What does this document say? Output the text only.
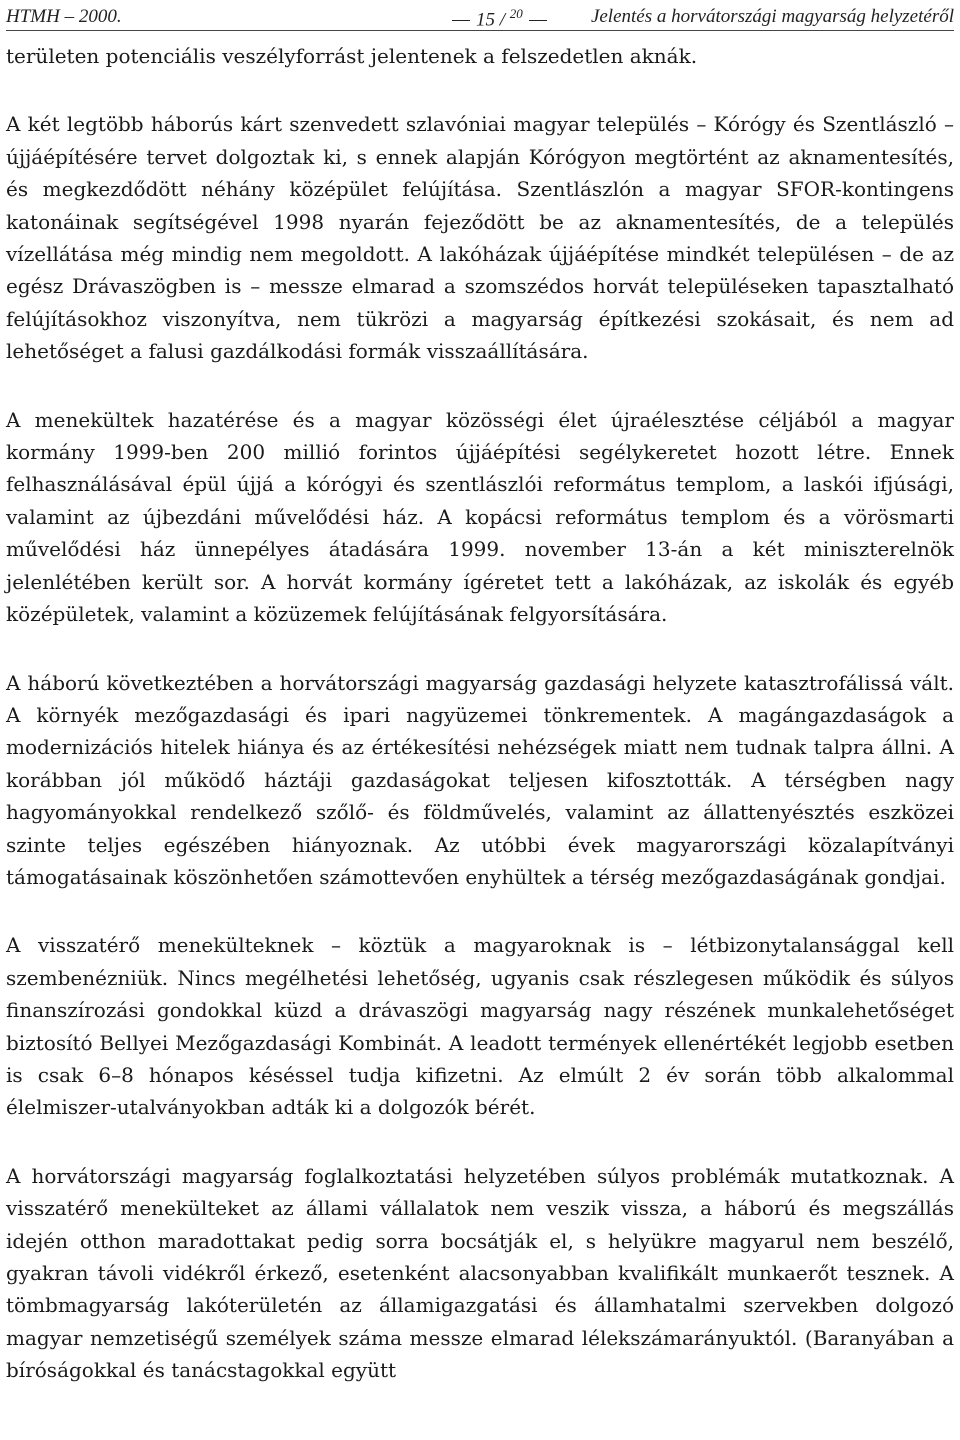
HTMH – 2000.	15 / $^{20}$	Jelentés a horvátországi magyarság helyzetéről

területen potenciális veszélyforrást jelentenek a felszedetlen aknák.

A két legtöbb háborús kárt szenvedett szlavóniai magyar település – Kórógy és Szentlászló – újjáépítésére tervet dolgoztak ki, s ennek alapján Kórógyon megtörtént az aknamentesítés, és megkezdődött néhány középület felújítása. Szentlászlón a magyar SFOR-kontingens katonáinak segítségével 1998 nyarán fejeződött be az aknamentesítés, de a település vízellátása még mindig nem megoldott. A lakóházak újjáépítése mindkét településen – de az egész Drávaszögben is – messze elmarad a szomszédos horvát településeken tapasztalható felújításokhoz viszonyítva, nem tükrözi a magyarság építkezési szokásait, és nem ad lehetőséget a falusi gazdálkodási formák visszaállítására.

A menekültek hazatérése és a magyar közösségi élet újraélesztése céljából a magyar kormány 1999-ben 200 millió forintos újjáépítési segélykeretet hozott létre. Ennek felhasználásával épül újjá a kórógyi és szentlászlói református templom, a laskói ifjúsági, valamint az újbezdáni művelődési ház. A kopácsi református templom és a vörösmarti művelődési ház ünnepélyes átadására 1999. november 13-án a két miniszterelnök jelenlétében került sor. A horvát kormány ígéretet tett a lakóházak, az iskolák és egyéb középületek, valamint a közüzemek felújításának felgyorsítására.

A háború következtében a horvátországi magyarság gazdasági helyzete katasztrofálissá vált. A környék mezőgazdasági és ipari nagyüzemei tönkrementek. A magángazdaságok a modernizációs hitelek hiánya és az értékesítési nehézségek miatt nem tudnak talpra állni. A korábban jól működő háztáji gazdaságokat teljesen kifosztották. A térségben nagy hagyományokkal rendelkező szőlő- és földművelés, valamint az állattenyésztés eszközei szinte teljes egészében hiányoznak. Az utóbbi évek magyarországi közalapítványi támogatásainak köszönhetően számottevően enyhültek a térség mezőgazdaságának gondjai.

A visszatérő menekülteknek – köztük a magyaroknak is – létbizonytalansággal kell szembenézniük. Nincs megélhetési lehetőség, ugyanis csak részlegesen működik és súlyos finanszírozási gondokkal küzd a drávaszögi magyarság nagy részének munkalehetőséget biztosító Bellyei Mezőgazdasági Kombinát. A leadott termények ellenértékét legjobb esetben is csak 6–8 hónapos késéssel tudja kifizetni. Az elmúlt 2 év során több alkalommal élelmiszer-utalványokban adták ki a dolgozók bérét.

A horvátországi magyarság foglalkoztatási helyzetében súlyos problémák mutatkoznak. A visszatérő menekülteket az állami vállalatok nem veszik vissza, a háború és megszállás idején otthon maradottakat pedig sorra bocsátják el, s helyükre magyarul nem beszélő, gyakran távoli vidékről érkező, esetenként alacsonyabban kvalifikált munkaerőt tesznek. A tömbmagyarság lakóterületén az államigazgatási és államhatalmi szervekben dolgozó magyar nemzetiségű személyek száma messze elmarad lélekszámarányuktól. (Baranyában a bíróságokkal és tanácstagokkal együtt
